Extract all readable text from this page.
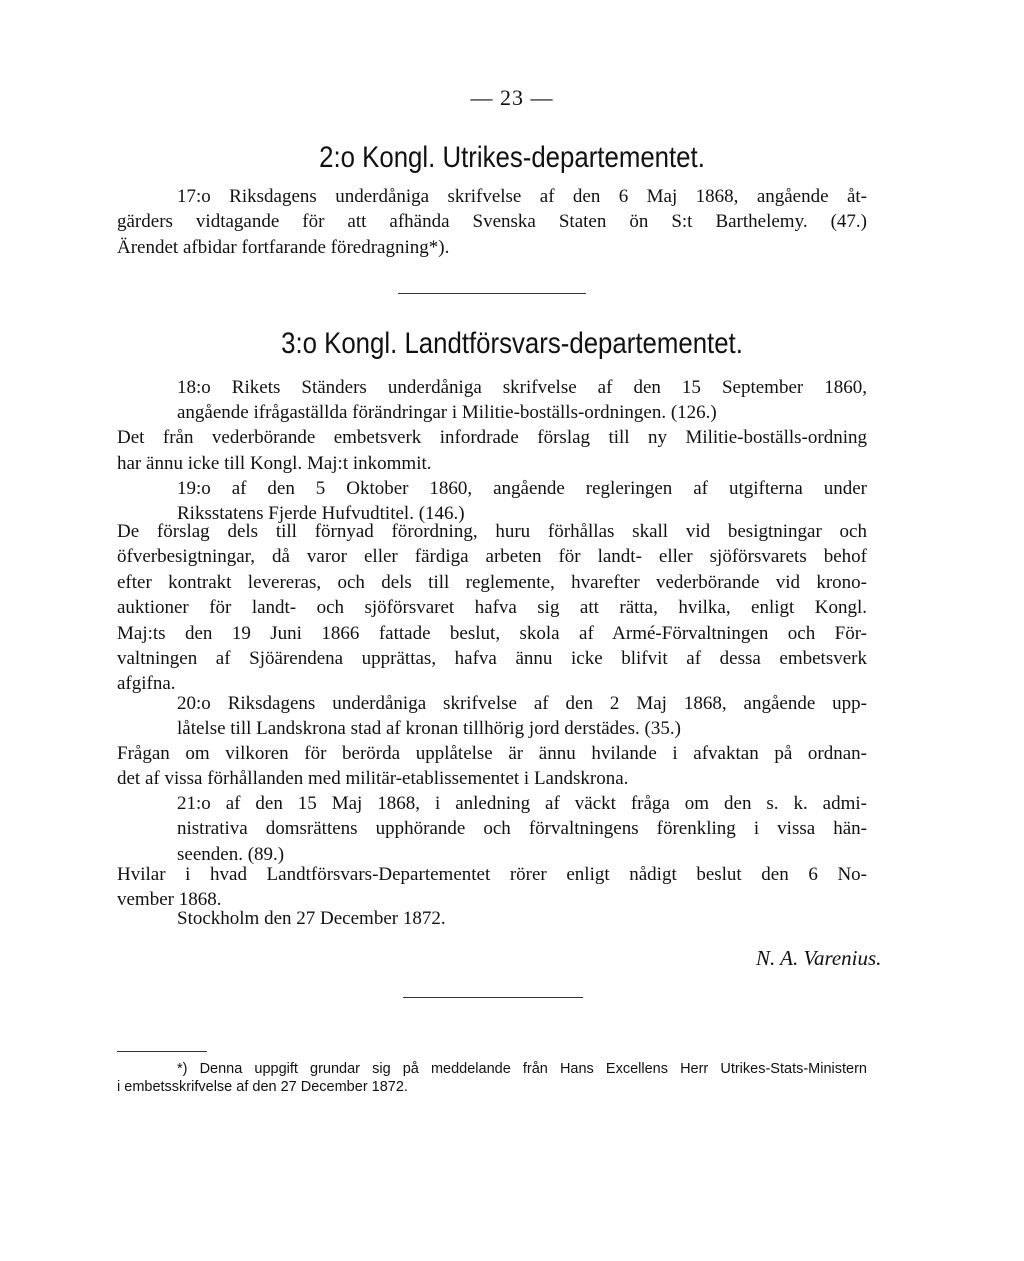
— 23 —
2:o Kongl. Utrikes-departementet.
17:o Riksdagens underdåniga skrifvelse af den 6 Maj 1868, angående åt-
gärders vidtagande för att afhända Svenska Staten ön S:t Barthelemy. (47.)
Ärendet afbidar fortfarande föredragning*).
3:o Kongl. Landtförsvars-departementet.
18:o Rikets Ständers underdåniga skrifvelse af den 15 September 1860,
angående ifrågaställda förändringar i Militie-boställs-ordningen. (126.)
Det från vederbörande embetsverk infordrade förslag till ny Militie-boställs-ordning
har ännu icke till Kongl. Maj:t inkommit.
19:o af den 5 Oktober 1860, angående regleringen af utgifterna under
Riksstatens Fjerde Hufvudtitel. (146.)
De förslag dels till förnyad förordning, huru förhållas skall vid besigtningar och
öfverbesigtningar, då varor eller färdiga arbeten för landt- eller sjöförsvarets behof
efter kontrakt levereras, och dels till reglemente, hvarefter vederbörande vid krono-
auktioner för landt- och sjöförsvaret hafva sig att rätta, hvilka, enligt Kongl.
Maj:ts den 19 Juni 1866 fattade beslut, skola af Armé-Förvaltningen och För-
valtningen af Sjöärendena upprättas, hafva ännu icke blifvit af dessa embetsverk
afgifna.
20:o Riksdagens underdåniga skrifvelse af den 2 Maj 1868, angående upp-
låtelse till Landskrona stad af kronan tillhörig jord derstädes. (35.)
Frågan om vilkoren för berörda upplåtelse är ännu hvilande i afvaktan på ordnan-
det af vissa förhållanden med militär-etablissementet i Landskrona.
21:o af den 15 Maj 1868, i anledning af väckt fråga om den s. k. admi-
nistrativa domsrättens upphörande och förvaltningens förenkling i vissa hän-
seenden. (89.)
Hvilar i hvad Landtförsvars-Departementet rörer enligt nådigt beslut den 6 No-
vember 1868.
Stockholm den 27 December 1872.
N. A. Varenius.
*) Denna uppgift grundar sig på meddelande från Hans Excellens Herr Utrikes-Stats-Ministern
i embetsskrifvelse af den 27 December 1872.
